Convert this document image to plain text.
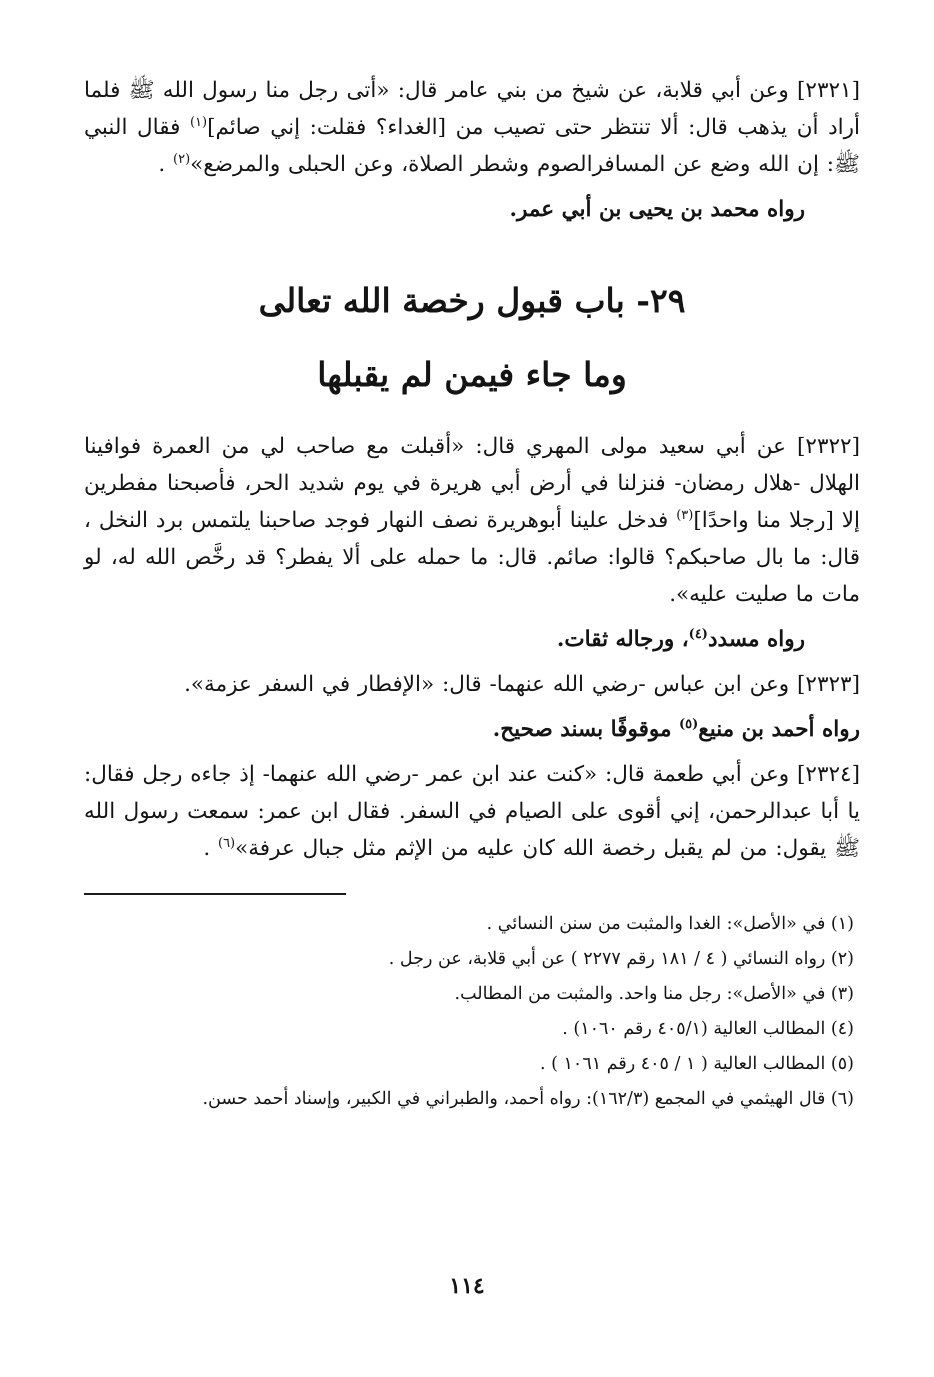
[٢٣٢١] وعن أبي قلابة، عن شيخ من بني عامر قال: «أتى رجل منا رسول الله ﷺ فلما أراد أن يذهب قال: ألا تنتظر حتى تصيب من [الغداء؟ فقلت: إني صائم]$^{(١)}$ فقال النبي ﷺ: إن الله وضع عن المسافرالصوم وشطر الصلاة، وعن الحبلى والمرضع»$^{(٢)}$ .

رواه محمد بن يحيى بن أبي عمر.

٢٩- باب قبول رخصة الله تعالى

وما جاء فيمن لم يقبلها

[٢٣٢٢] عن أبي سعيد مولى المهري قال: «أقبلت مع صاحب لي من العمرة فوافينا الهلال -هلال رمضان- فنزلنا في أرض أبي هريرة في يوم شديد الحر، فأصبحنا مفطرين إلا [رجلا منا واحدًا]$^{(٣)}$ فدخل علينا أبوهريرة نصف النهار فوجد صاحبنا يلتمس برد النخل ، قال: ما بال صاحبكم؟ قالوا: صائم. قال: ما حمله على ألا يفطر؟ قد رخَّص الله له، لو مات ما صليت عليه».

رواه مسدد$^{(٤)}$، ورجاله ثقات.

[٢٣٢٣] وعن ابن عباس -رضي الله عنهما- قال: «الإفطار في السفر عزمة».

رواه أحمد بن منيع$^{(٥)}$ موقوفًا بسند صحيح.

[٢٣٢٤] وعن أبي طعمة قال: «كنت عند ابن عمر -رضي الله عنهما- إذ جاءه رجل فقال: يا أبا عبدالرحمن، إني أقوى على الصيام في السفر. فقال ابن عمر: سمعت رسول الله ﷺ يقول: من لم يقبل رخصة الله كان عليه من الإثم مثل جبال عرفة»$^{(٦)}$ .

(١) في «الأصل»: الغدا والمثبت من سنن النسائي .

(٢) رواه النسائي ( ٤ / ١٨١ رقم ٢٢٧٧ ) عن أبي قلابة، عن رجل .

(٣) في «الأصل»: رجل منا واحد. والمثبت من المطالب.

(٤) المطالب العالية (٤٠٥/١ رقم ١٠٦٠) .

(٥) المطالب العالية ( ١ / ٤٠٥ رقم ١٠٦١ ) .

(٦) قال الهيثمي في المجمع (١٦٢/٣): رواه أحمد، والطبراني في الكبير، وإسناد أحمد حسن.

١١٤
